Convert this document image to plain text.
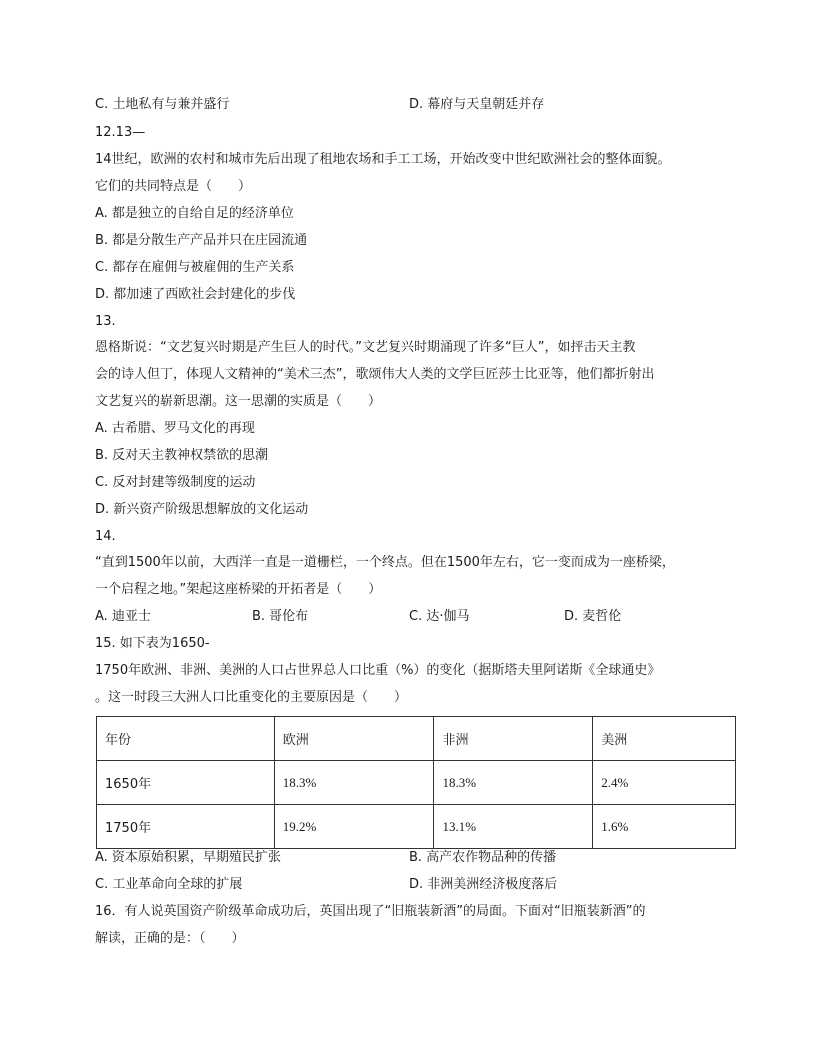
C. 土地私有与兼并盛行	D. 幕府与天皇朝廷并存
12.13—
14世纪，欧洲的农村和城市先后出现了租地农场和手工工场，开始改变中世纪欧洲社会的整体面貌。
它们的共同特点是（　　）
A. 都是独立的自给自足的经济单位
B. 都是分散生产产品并只在庄园流通
C. 都存在雇佣与被雇佣的生产关系
D. 都加速了西欧社会封建化的步伐
13.
恩格斯说：“文艺复兴时期是产生巨人的时代。”文艺复兴时期涌现了许多“巨人”，如抨击天主教
会的诗人但丁，体现人文精神的“美术三杰”，歌颂伟大人类的文学巨匠莎士比亚等，他们都折射出
文艺复兴的崭新思潮。这一思潮的实质是（　　）
A. 古希腊、罗马文化的再现
B. 反对天主教神权禁欲的思潮
C. 反对封建等级制度的运动
D. 新兴资产阶级思想解放的文化运动
14.
“直到1500年以前，大西洋一直是一道栅栏，一个终点。但在1500年左右，它一变而成为一座桥梁，
一个启程之地。”架起这座桥梁的开拓者是（　　）
A. 迪亚士	B. 哥伦布	C. 达·伽马	D. 麦哲伦
15. 如下表为1650-
1750年欧洲、非洲、美洲的人口占世界总人口比重（%）的变化（据斯塔夫里阿诺斯《全球通史》
。这一时段三大洲人口比重变化的主要原因是（　　）
年份	欧洲	非洲	美洲
1650年	18.3%	18.3%	2.4%
1750年	19.2%	13.1%	1.6%
A. 资本原始积累，早期殖民扩张	B. 高产农作物品种的传播
C. 工业革命向全球的扩展	D. 非洲美洲经济极度落后
16．有人说英国资产阶级革命成功后，英国出现了“旧瓶装新酒”的局面。下面对“旧瓶装新酒”的
解读，正确的是：（　　）
